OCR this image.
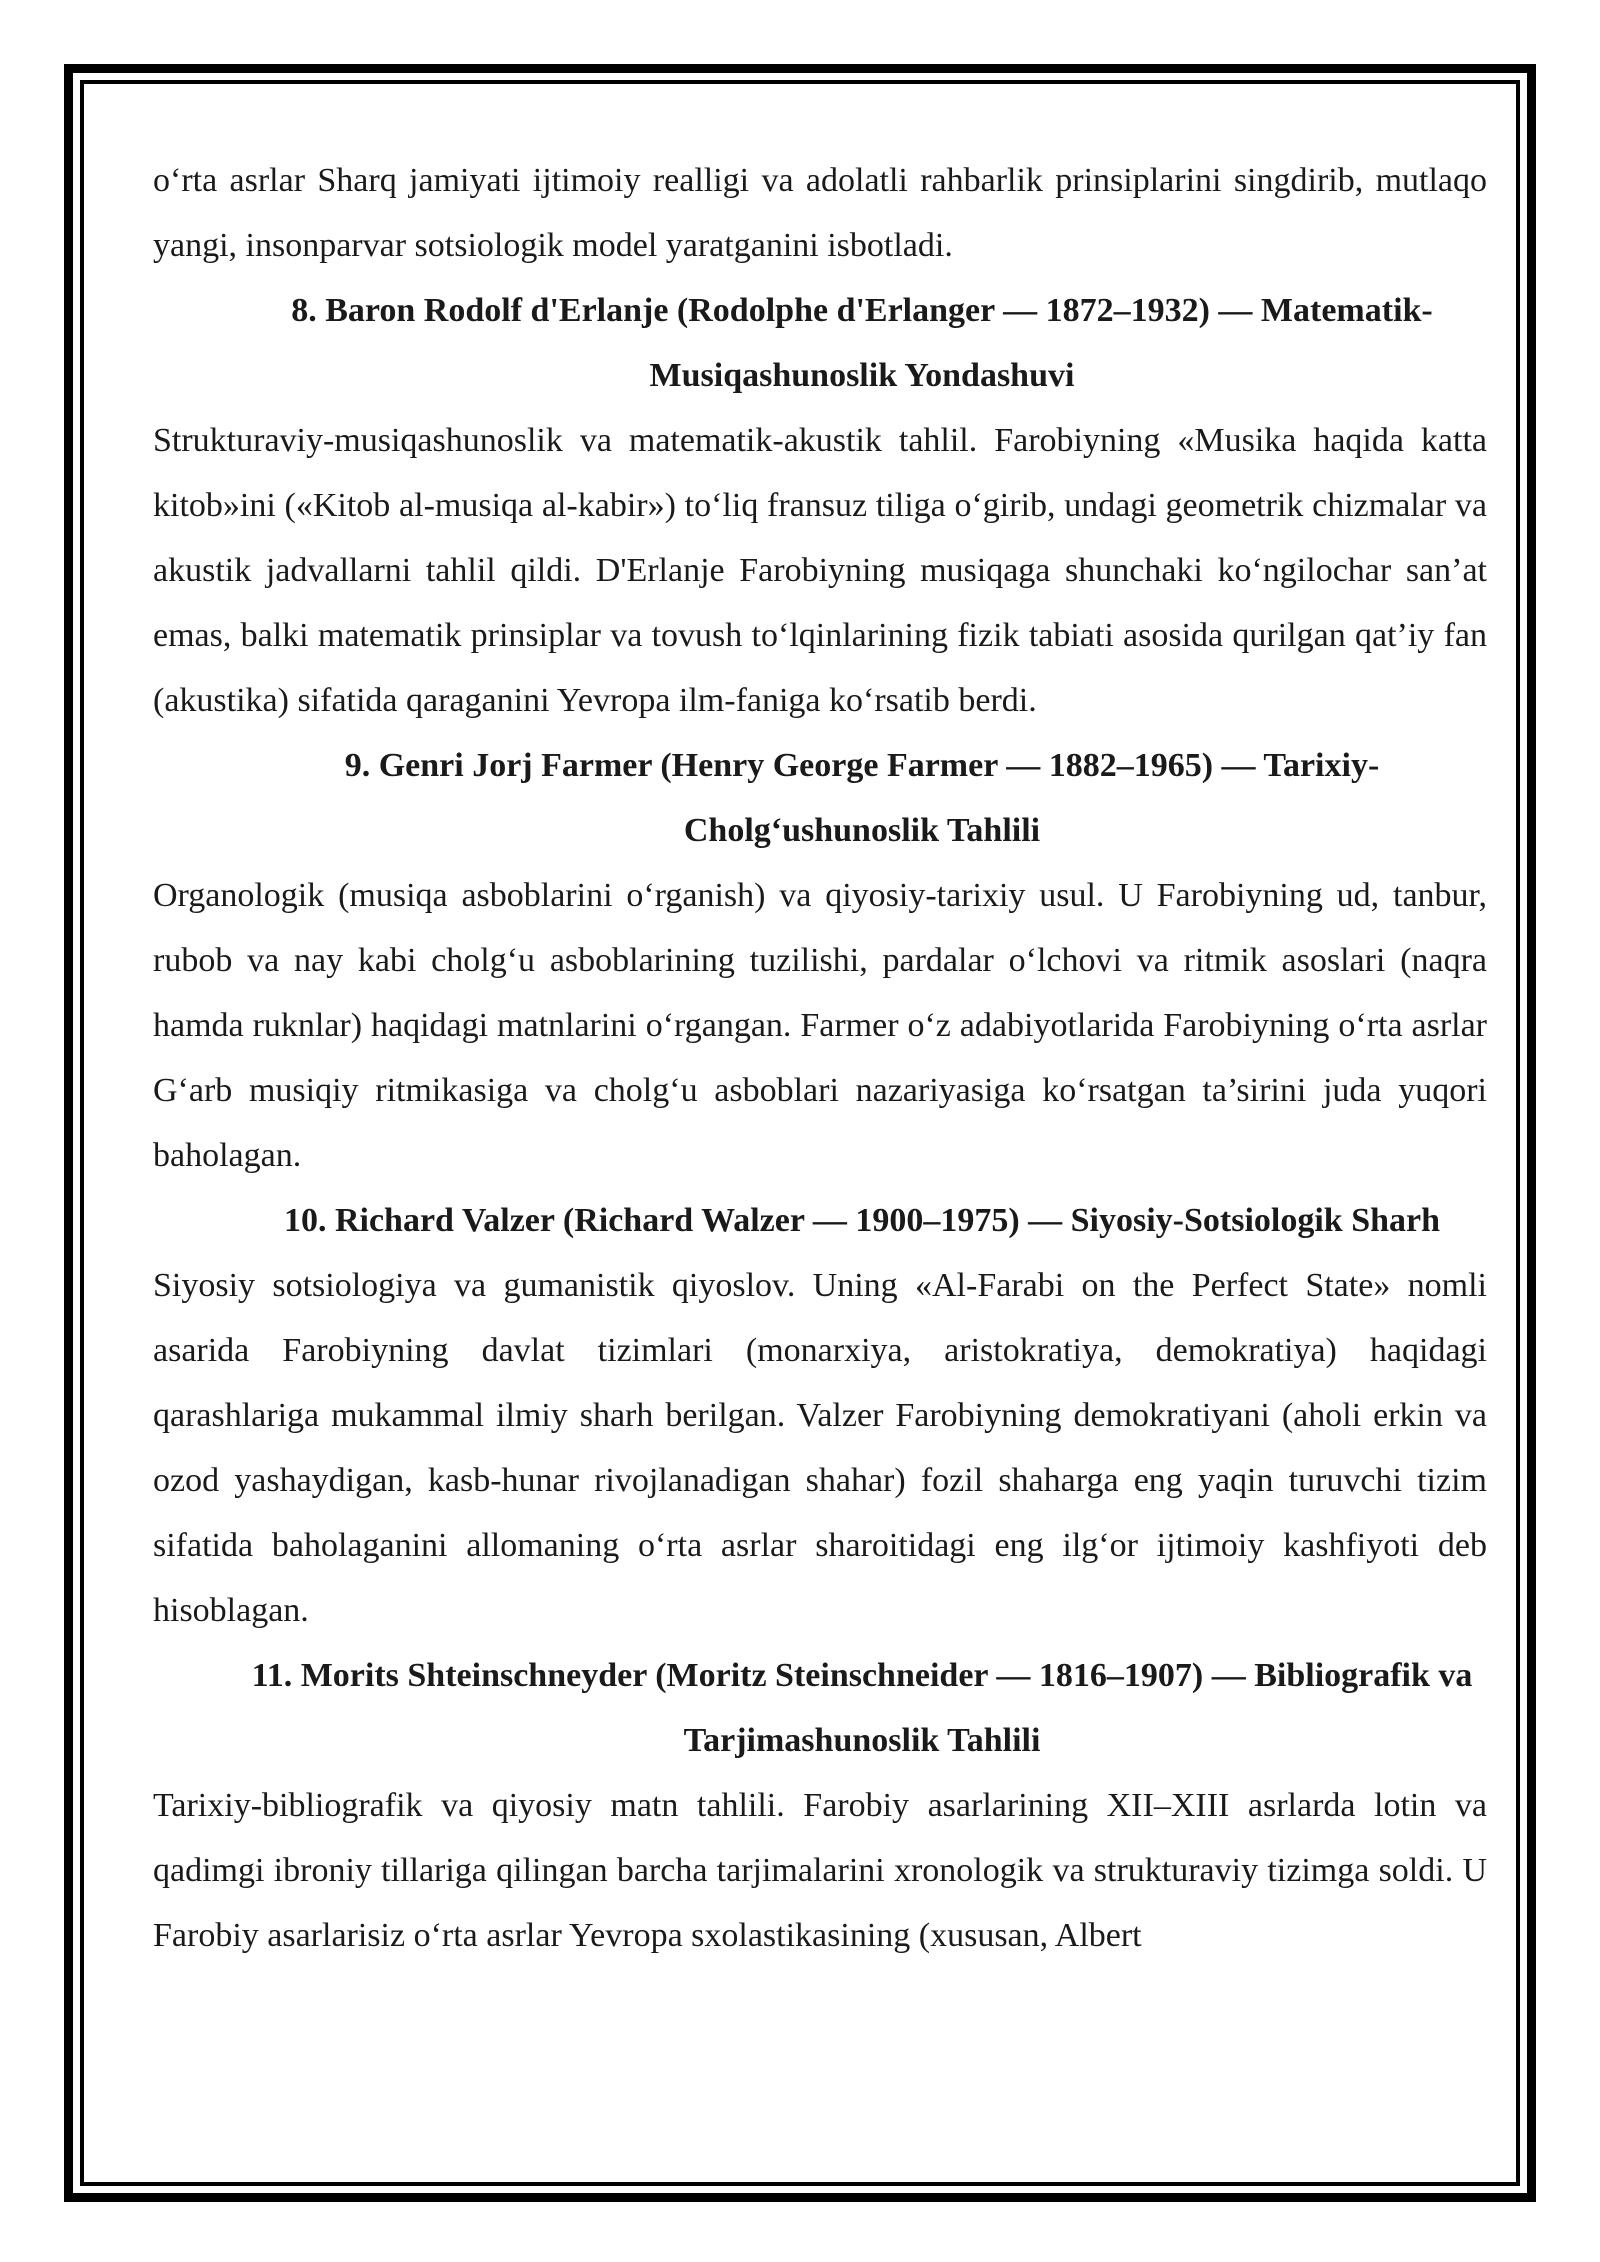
o‘rta asrlar Sharq jamiyati ijtimoiy realligi va adolatli rahbarlik prinsiplarini singdirib, mutlaqo yangi, insonparvar sotsiologik model yaratganini isbotladi.

8. Baron Rodolf d'Erlanje (Rodolphe d'Erlanger — 1872–1932) — Matematik-Musiqashunoslik Yondashuvi

Strukturaviy-musiqashunoslik va matematik-akustik tahlil. Farobiyning «Musika haqida katta kitob»ini («Kitob al-musiqa al-kabir») to‘liq fransuz tiliga o‘girib, undagi geometrik chizmalar va akustik jadvallarni tahlil qildi. D'Erlanje Farobiyning musiqaga shunchaki ko‘ngilochar san’at emas, balki matematik prinsiplar va tovush to‘lqinlarining fizik tabiati asosida qurilgan qat’iy fan (akustika) sifatida qaraganini Yevropa ilm-faniga ko‘rsatib berdi.

9. Genri Jorj Farmer (Henry George Farmer — 1882–1965) — Tarixiy-Cholg‘ushunoslik Tahlili

Organologik (musiqa asboblarini o‘rganish) va qiyosiy-tarixiy usul. U Farobiyning ud, tanbur, rubob va nay kabi cholg‘u asboblarining tuzilishi, pardalar o‘lchovi va ritmik asoslari (naqra hamda ruknlar) haqidagi matnlarini o‘rgangan. Farmer o‘z adabiyotlarida Farobiyning o‘rta asrlar G‘arb musiqiy ritmikasiga va cholg‘u asboblari nazariyasiga ko‘rsatgan ta’sirini juda yuqori baholagan.

10. Richard Valzer (Richard Walzer — 1900–1975) — Siyosiy-Sotsiologik Sharh

Siyosiy sotsiologiya va gumanistik qiyoslov. Uning «Al-Farabi on the Perfect State» nomli asarida Farobiyning davlat tizimlari (monarxiya, aristokratiya, demokratiya) haqidagi qarashlariga mukammal ilmiy sharh berilgan. Valzer Farobiyning demokratiyani (aholi erkin va ozod yashaydigan, kasb-hunar rivojlanadigan shahar) fozil shaharga eng yaqin turuvchi tizim sifatida baholaganini allomaning o‘rta asrlar sharoitidagi eng ilg‘or ijtimoiy kashfiyoti deb hisoblagan.

11. Morits Shteinschneyder (Moritz Steinschneider — 1816–1907) — Bibliografik va Tarjimashunoslik Tahlili

Tarixiy-bibliografik va qiyosiy matn tahlili. Farobiy asarlarining XII–XIII asrlarda lotin va qadimgi ibroniy tillariga qilingan barcha tarjimalarini xronologik va strukturaviy tizimga soldi. U Farobiy asarlarisiz o‘rta asrlar Yevropa sxolastikasining (xususan, Albert
